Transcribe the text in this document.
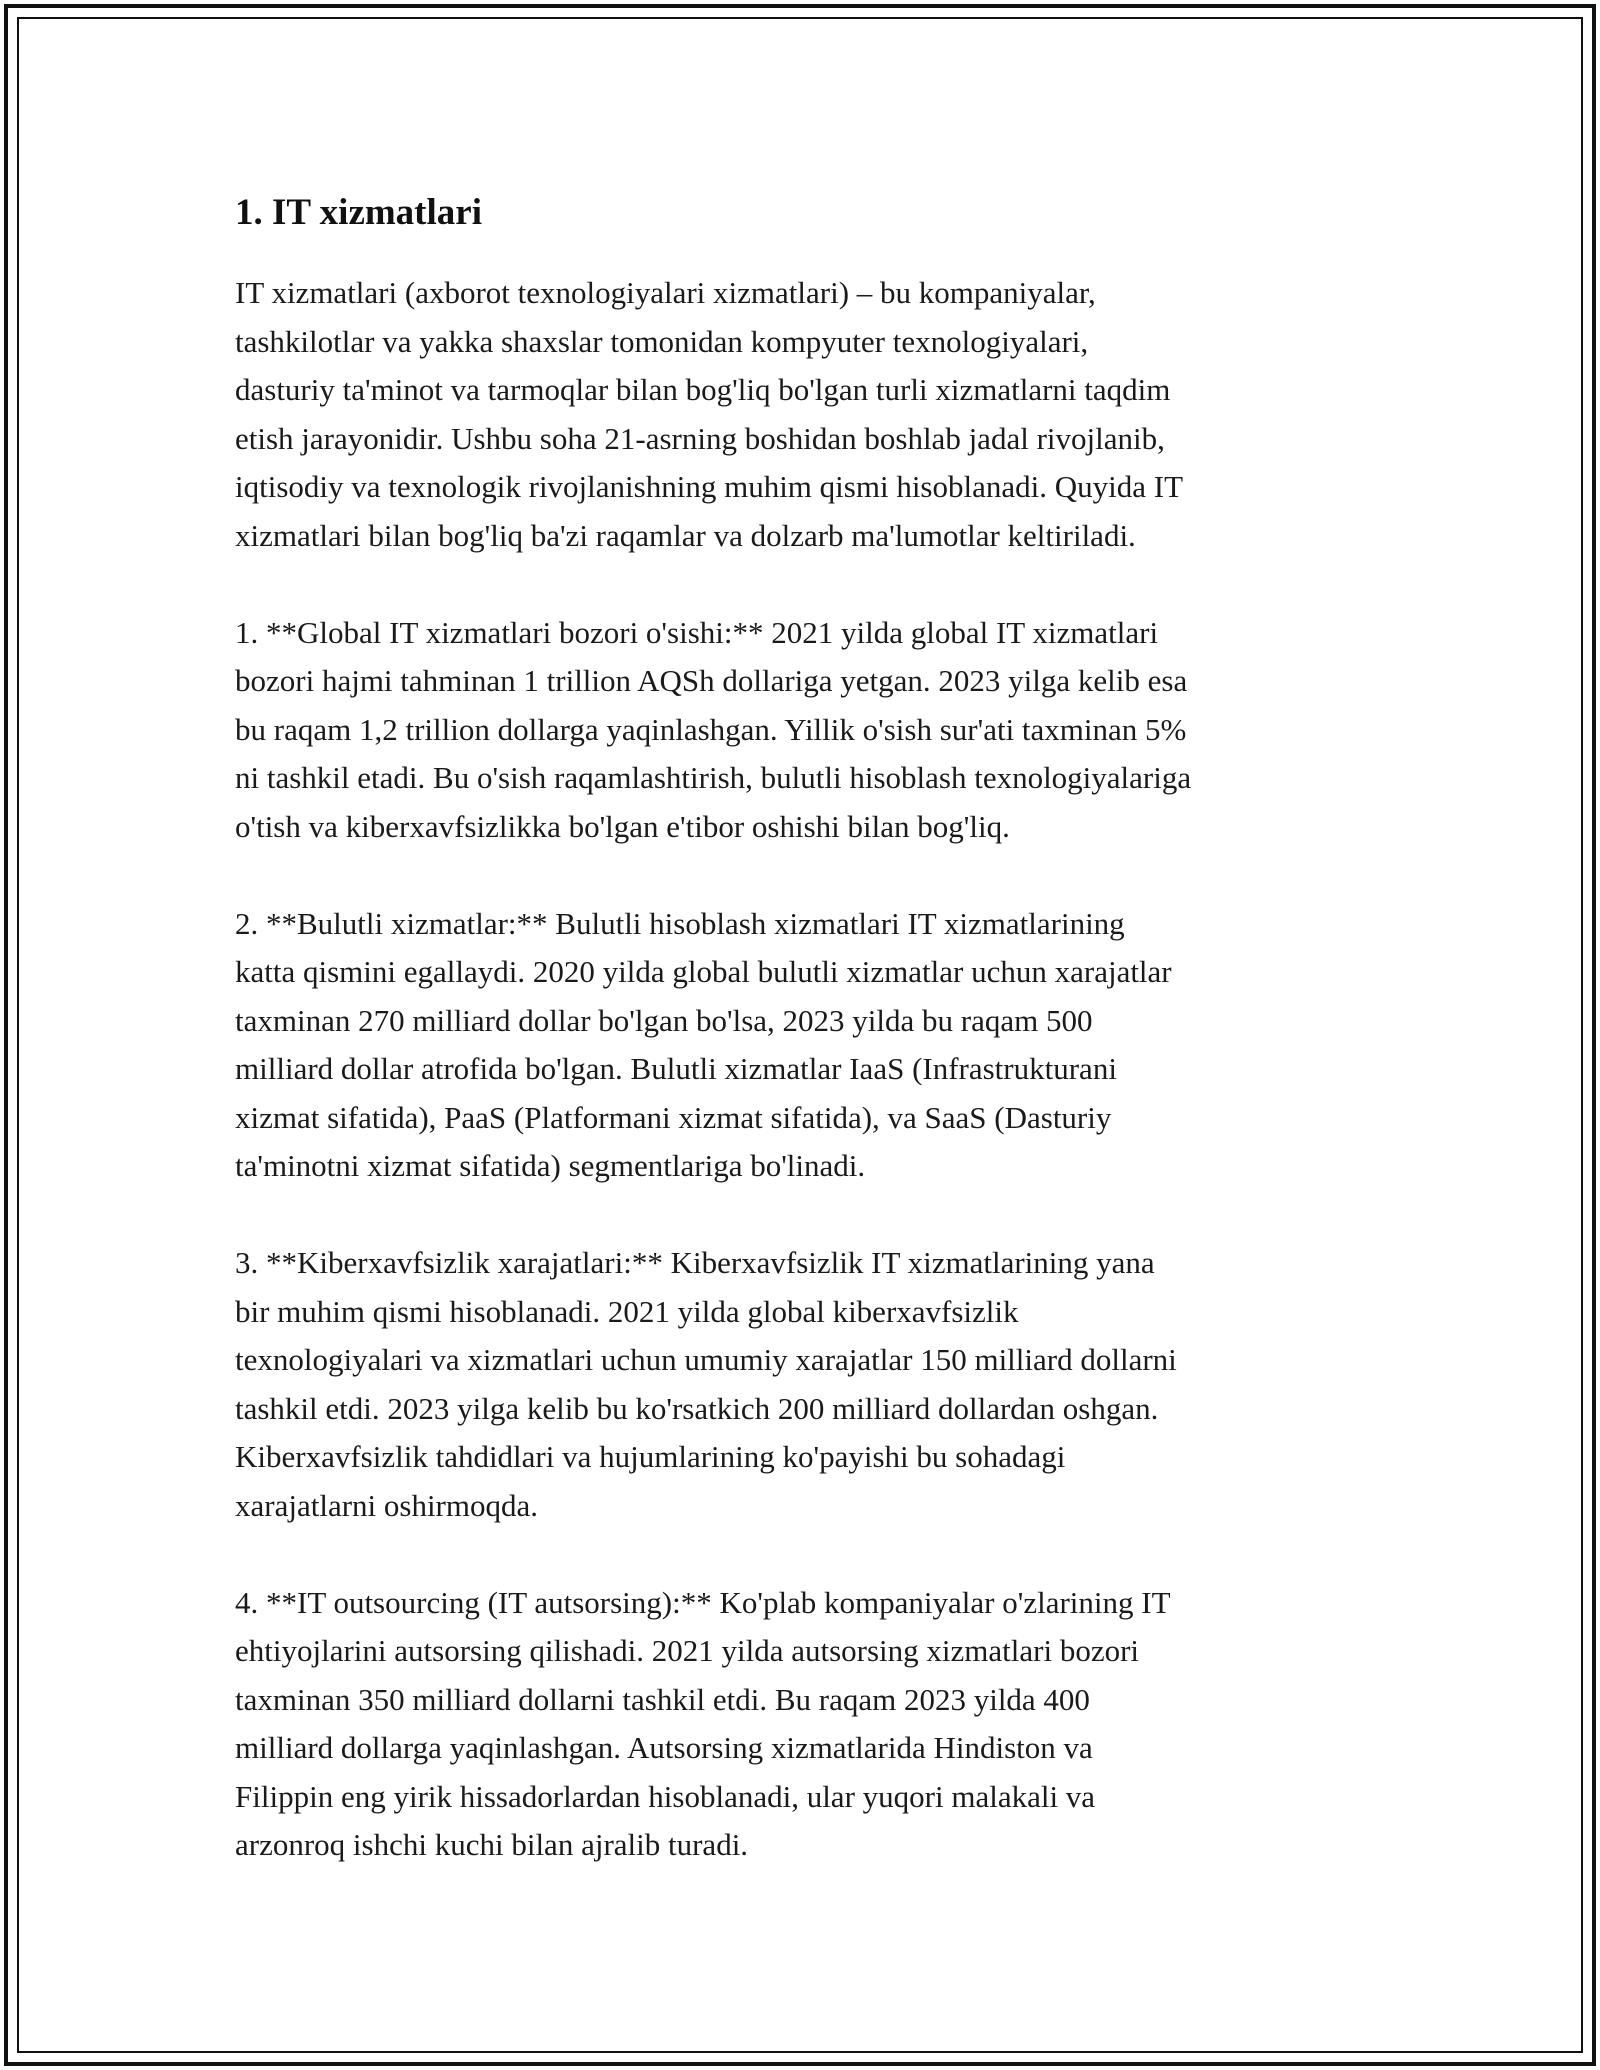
1. IT xizmatlari

IT xizmatlari (axborot texnologiyalari xizmatlari) – bu kompaniyalar,
tashkilotlar va yakka shaxslar tomonidan kompyuter texnologiyalari,
dasturiy ta'minot va tarmoqlar bilan bog'liq bo'lgan turli xizmatlarni taqdim
etish jarayonidir. Ushbu soha 21-asrning boshidan boshlab jadal rivojlanib,
iqtisodiy va texnologik rivojlanishning muhim qismi hisoblanadi. Quyida IT
xizmatlari bilan bog'liq ba'zi raqamlar va dolzarb ma'lumotlar keltiriladi.

1. **Global IT xizmatlari bozori o'sishi:** 2021 yilda global IT xizmatlari
bozori hajmi tahminan 1 trillion AQSh dollariga yetgan. 2023 yilga kelib esa
bu raqam 1,2 trillion dollarga yaqinlashgan. Yillik o'sish sur'ati taxminan 5%
ni tashkil etadi. Bu o'sish raqamlashtirish, bulutli hisoblash texnologiyalariga
o'tish va kiberxavfsizlikka bo'lgan e'tibor oshishi bilan bog'liq.

2. **Bulutli xizmatlar:** Bulutli hisoblash xizmatlari IT xizmatlarining
katta qismini egallaydi. 2020 yilda global bulutli xizmatlar uchun xarajatlar
taxminan 270 milliard dollar bo'lgan bo'lsa, 2023 yilda bu raqam 500
milliard dollar atrofida bo'lgan. Bulutli xizmatlar IaaS (Infrastrukturani
xizmat sifatida), PaaS (Platformani xizmat sifatida), va SaaS (Dasturiy
ta'minotni xizmat sifatida) segmentlariga bo'linadi.

3. **Kiberxavfsizlik xarajatlari:** Kiberxavfsizlik IT xizmatlarining yana
bir muhim qismi hisoblanadi. 2021 yilda global kiberxavfsizlik
texnologiyalari va xizmatlari uchun umumiy xarajatlar 150 milliard dollarni
tashkil etdi. 2023 yilga kelib bu ko'rsatkich 200 milliard dollardan oshgan.
Kiberxavfsizlik tahdidlari va hujumlarining ko'payishi bu sohadagi
xarajatlarni oshirmoqda.

4. **IT outsourcing (IT autsorsing):** Ko'plab kompaniyalar o'zlarining IT
ehtiyojlarini autsorsing qilishadi. 2021 yilda autsorsing xizmatlari bozori
taxminan 350 milliard dollarni tashkil etdi. Bu raqam 2023 yilda 400
milliard dollarga yaqinlashgan. Autsorsing xizmatlarida Hindiston va
Filippin eng yirik hissadorlardan hisoblanadi, ular yuqori malakali va
arzonroq ishchi kuchi bilan ajralib turadi.
